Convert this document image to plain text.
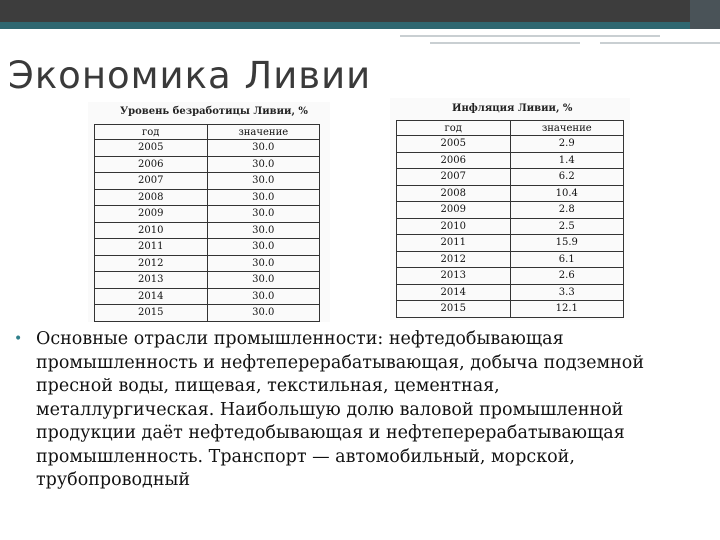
Экономика Ливии
Уровень безработицы Ливии, %
год	значение
2005	30.0
2006	30.0
2007	30.0
2008	30.0
2009	30.0
2010	30.0
2011	30.0
2012	30.0
2013	30.0
2014	30.0
2015	30.0
Инфляция Ливии, %
год	значение
2005	2.9
2006	1.4
2007	6.2
2008	10.4
2009	2.8
2010	2.5
2011	15.9
2012	6.1
2013	2.6
2014	3.3
2015	12.1
• Основные отрасли промышленности: нефтедобывающая промышленность и нефтеперерабатывающая, добыча подземной пресной воды, пищевая, текстильная, цементная, металлургическая. Наибольшую долю валовой промышленной продукции даёт нефтедобывающая и нефтеперерабатывающая промышленность. Транспорт — автомобильный, морской, трубопроводный
